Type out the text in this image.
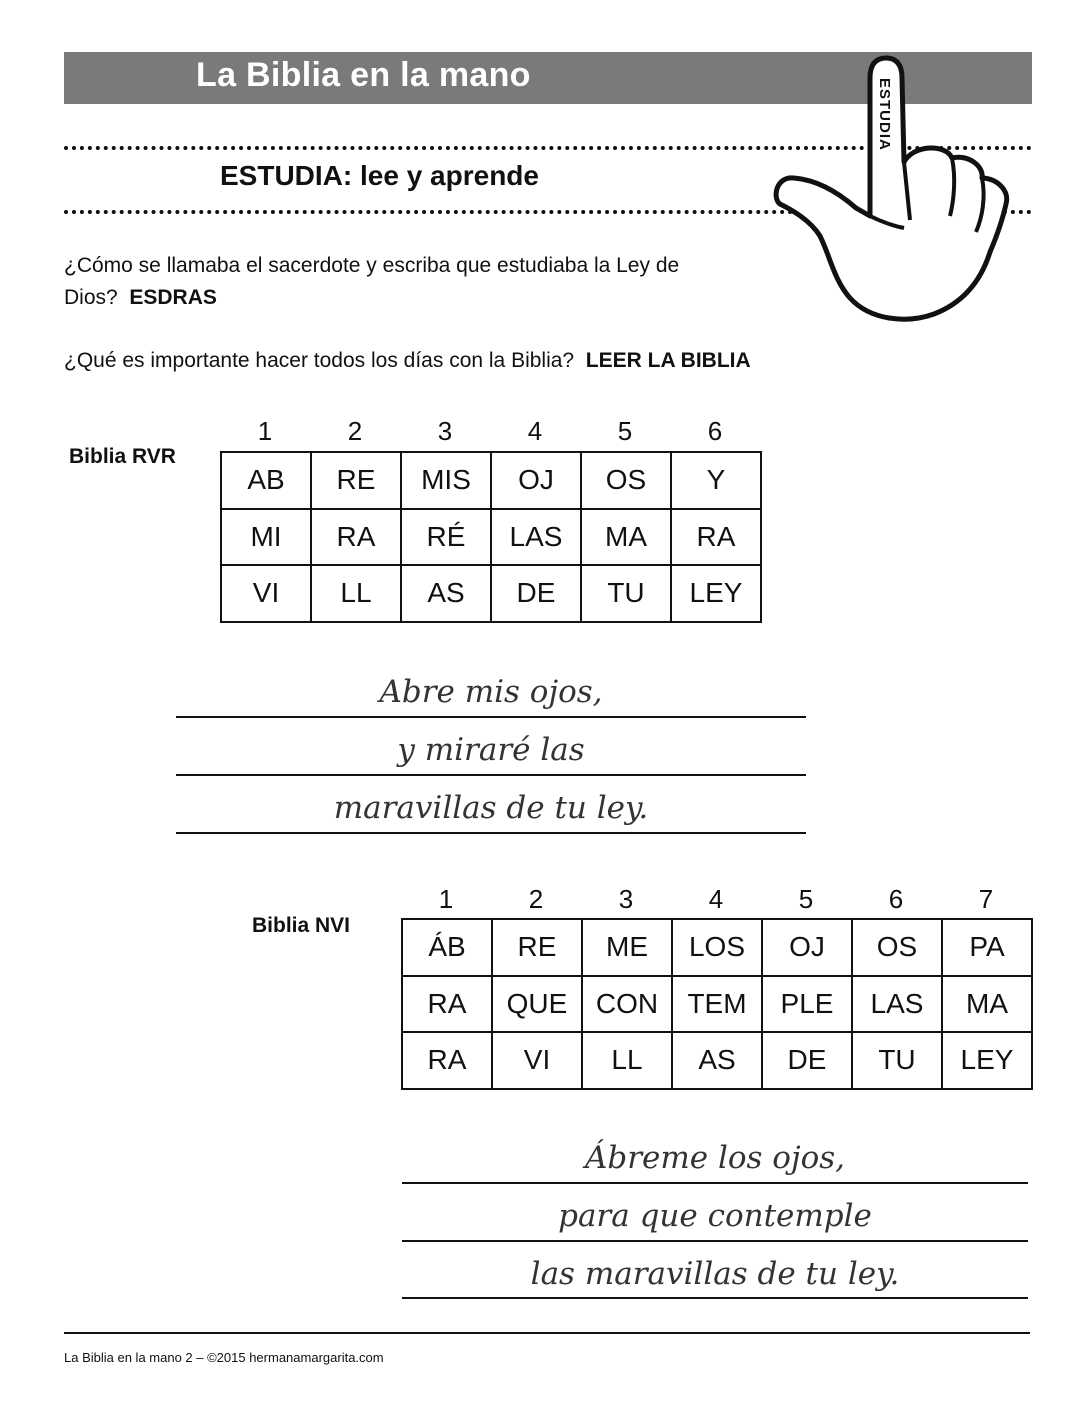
La Biblia en la mano
ESTUDIA: lee y aprende
ESTUDIA
¿Cómo se llamaba el sacerdote y escriba que estudiaba la Ley de Dios? ESDRAS
¿Qué es importante hacer todos los días con la Biblia? LEER LA BIBLIA
Biblia RVR
1	2	3	4	5	6
AB	RE	MIS	OJ	OS	Y
MI	RA	RÉ	LAS	MA	RA
VI	LL	AS	DE	TU	LEY
Abre mis ojos,
y miraré las
maravillas de tu ley.
Biblia NVI
1	2	3	4	5	6	7
ÁB	RE	ME	LOS	OJ	OS	PA
RA	QUE	CON	TEM	PLE	LAS	MA
RA	VI	LL	AS	DE	TU	LEY
Ábreme los ojos,
para que contemple
las maravillas de tu ley.
La Biblia en la mano 2 – ©2015 hermanamargarita.com
